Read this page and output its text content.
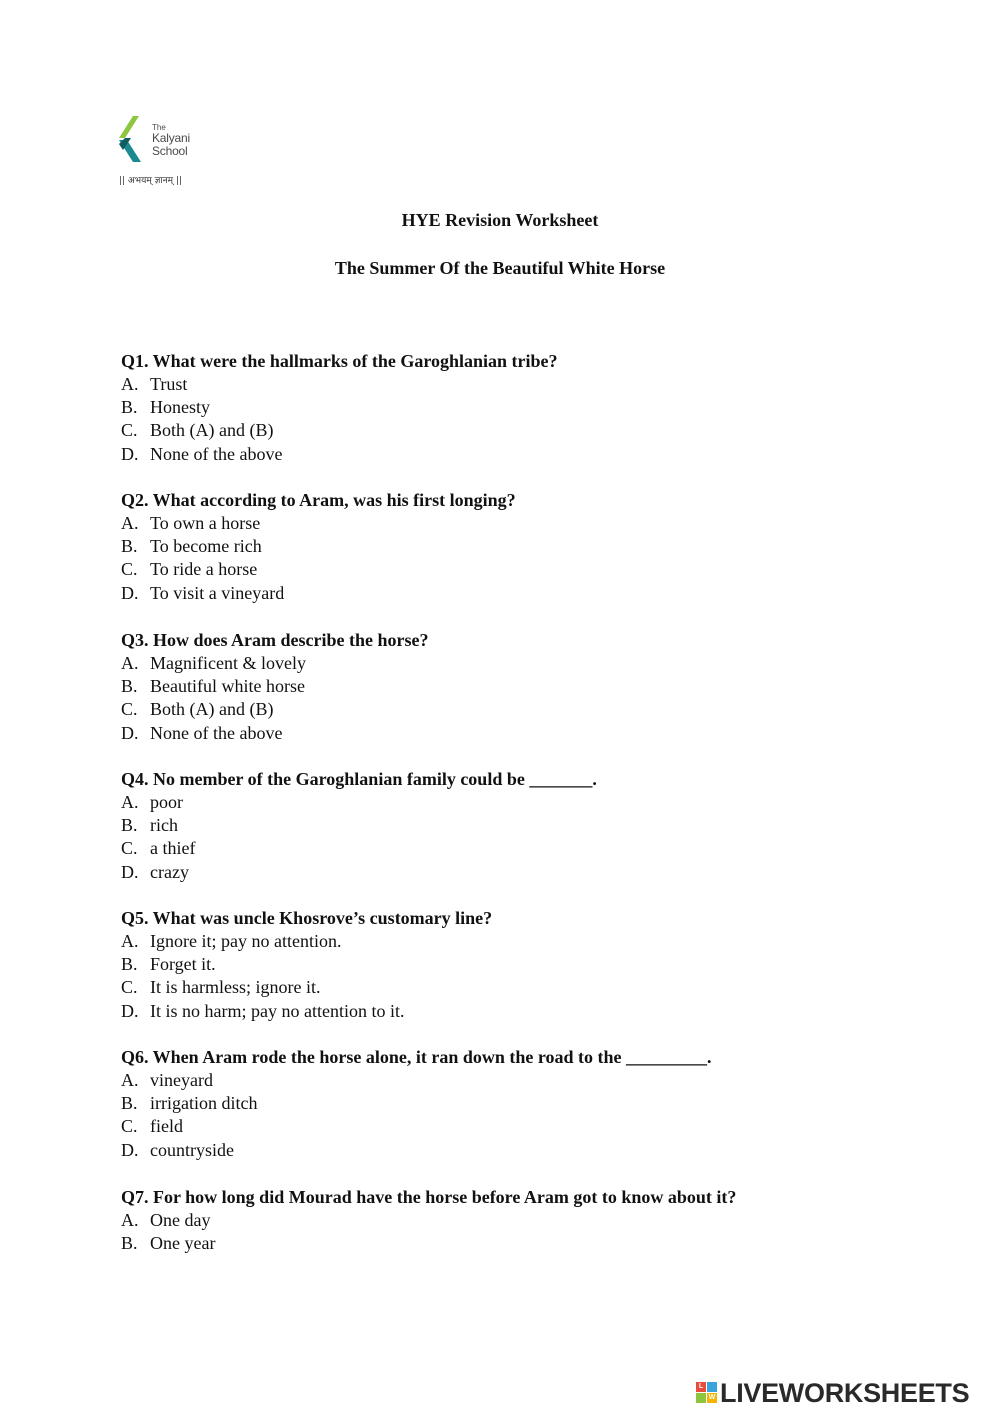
The
Kalyani
School
|| अभयम् ज्ञानम् ||
HYE Revision Worksheet
The Summer Of the Beautiful White Horse

Q1. What were the hallmarks of the Garoghlanian tribe?

A. Trust
B. Honesty
C. Both (A) and (B)
D. None of the above

Q2. What according to Aram, was his first longing?

A. To own a horse
B. To become rich
C. To ride a horse
D. To visit a vineyard

Q3. How does Aram describe the horse?

A. Magnificent & lovely
B. Beautiful white horse
C. Both (A) and (B)
D. None of the above

Q4. No member of the Garoghlanian family could be _______.

A. poor
B. rich
C. a thief
D. crazy

Q5. What was uncle Khosrove’s customary line?

A. Ignore it; pay no attention.
B. Forget it.
C. It is harmless; ignore it.
D. It is no harm; pay no attention to it.

Q6. When Aram rode the horse alone, it ran down the road to the _________.

A. vineyard
B. irrigation ditch
C. field
D. countryside

Q7. For how long did Mourad have the horse before Aram got to know about it?

A. One day
B. One year
L
W LIVEWORKSHEETS
